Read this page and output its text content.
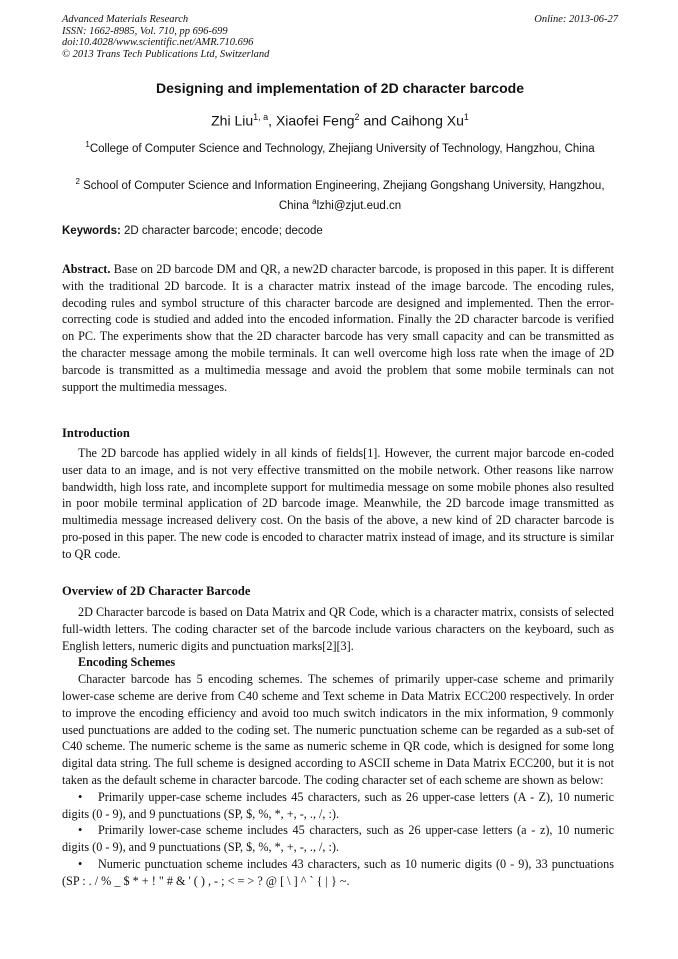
Advanced Materials Research
ISSN: 1662-8985, Vol. 710, pp 696-699
doi:10.4028/www.scientific.net/AMR.710.696
© 2013 Trans Tech Publications Ltd, Switzerland
Online: 2013-06-27
Designing and implementation of 2D character barcode
Zhi Liu$^{1, a}$, Xiaofei Feng$^2$ and Caihong Xu$^1$
$^1$College of Computer Science and Technology, Zhejiang University of Technology, Hangzhou, China
$^2$ School of Computer Science and Information Engineering, Zhejiang Gongshang University, Hangzhou, China $^a$lzhi@zjut.eud.cn
Keywords: 2D character barcode; encode; decode

Abstract. Base on 2D barcode DM and QR, a new2D character barcode, is proposed in this paper. It is different with the traditional 2D barcode. It is a character matrix instead of the image barcode. The encoding rules, decoding rules and symbol structure of this character barcode are designed and implemented. Then the error-correcting code is studied and added into the encoded information. Finally the 2D character barcode is verified on PC. The experiments show that the 2D character barcode has very small capacity and can be transmitted as the character message among the mobile terminals. It can well overcome high loss rate when the image of 2D barcode is transmitted as a multimedia message and avoid the problem that some mobile terminals can not support the multimedia messages.

Introduction

The 2D barcode has applied widely in all kinds of fields[1]. However, the current major barcode en-coded user data to an image, and is not very effective transmitted on the mobile network. Other reasons like narrow bandwidth, high loss rate, and incomplete support for multimedia message on some mobile phones also resulted in poor mobile terminal application of 2D barcode image. Meanwhile, the 2D barcode image transmitted as multimedia message increased delivery cost. On the basis of the above, a new kind of 2D character barcode is pro-posed in this paper. The new code is encoded to character matrix instead of image, and its structure is similar to QR code.

Overview of 2D Character Barcode

2D Character barcode is based on Data Matrix and QR Code, which is a character matrix, consists of selected full-width letters. The coding character set of the barcode include various characters on the keyboard, such as English letters, numeric digits and punctuation marks[2][3].

Encoding Schemes

Character barcode has 5 encoding schemes. The schemes of primarily upper-case scheme and primarily lower-case scheme are derive from C40 scheme and Text scheme in Data Matrix ECC200 respectively. In order to improve the encoding efficiency and avoid too much switch indicators in the mix information, 9 commonly used punctuations are added to the coding set. The numeric punctuation scheme can be regarded as a sub-set of C40 scheme. The numeric scheme is the same as numeric scheme in QR code, which is designed for some long digital data string. The full scheme is designed according to ASCII scheme in Data Matrix ECC200, but it is not taken as the default scheme in character barcode. The coding character set of each scheme are shown as below:

• Primarily upper-case scheme includes 45 characters, such as 26 upper-case letters (A - Z), 10 numeric digits (0 - 9), and 9 punctuations (SP, $, %, *, +, -, ., /, :).

• Primarily lower-case scheme includes 45 characters, such as 26 upper-case letters (a - z), 10 numeric digits (0 - 9), and 9 punctuations (SP, $, %, *, +, -, ., /, :).

• Numeric punctuation scheme includes 43 characters, such as 10 numeric digits (0 - 9), 33 punctuations (SP : . / % _ $ * + ! " # & ' ( ) , - ; < = > ? @ [ \ ] ^ ` { | } ~.
